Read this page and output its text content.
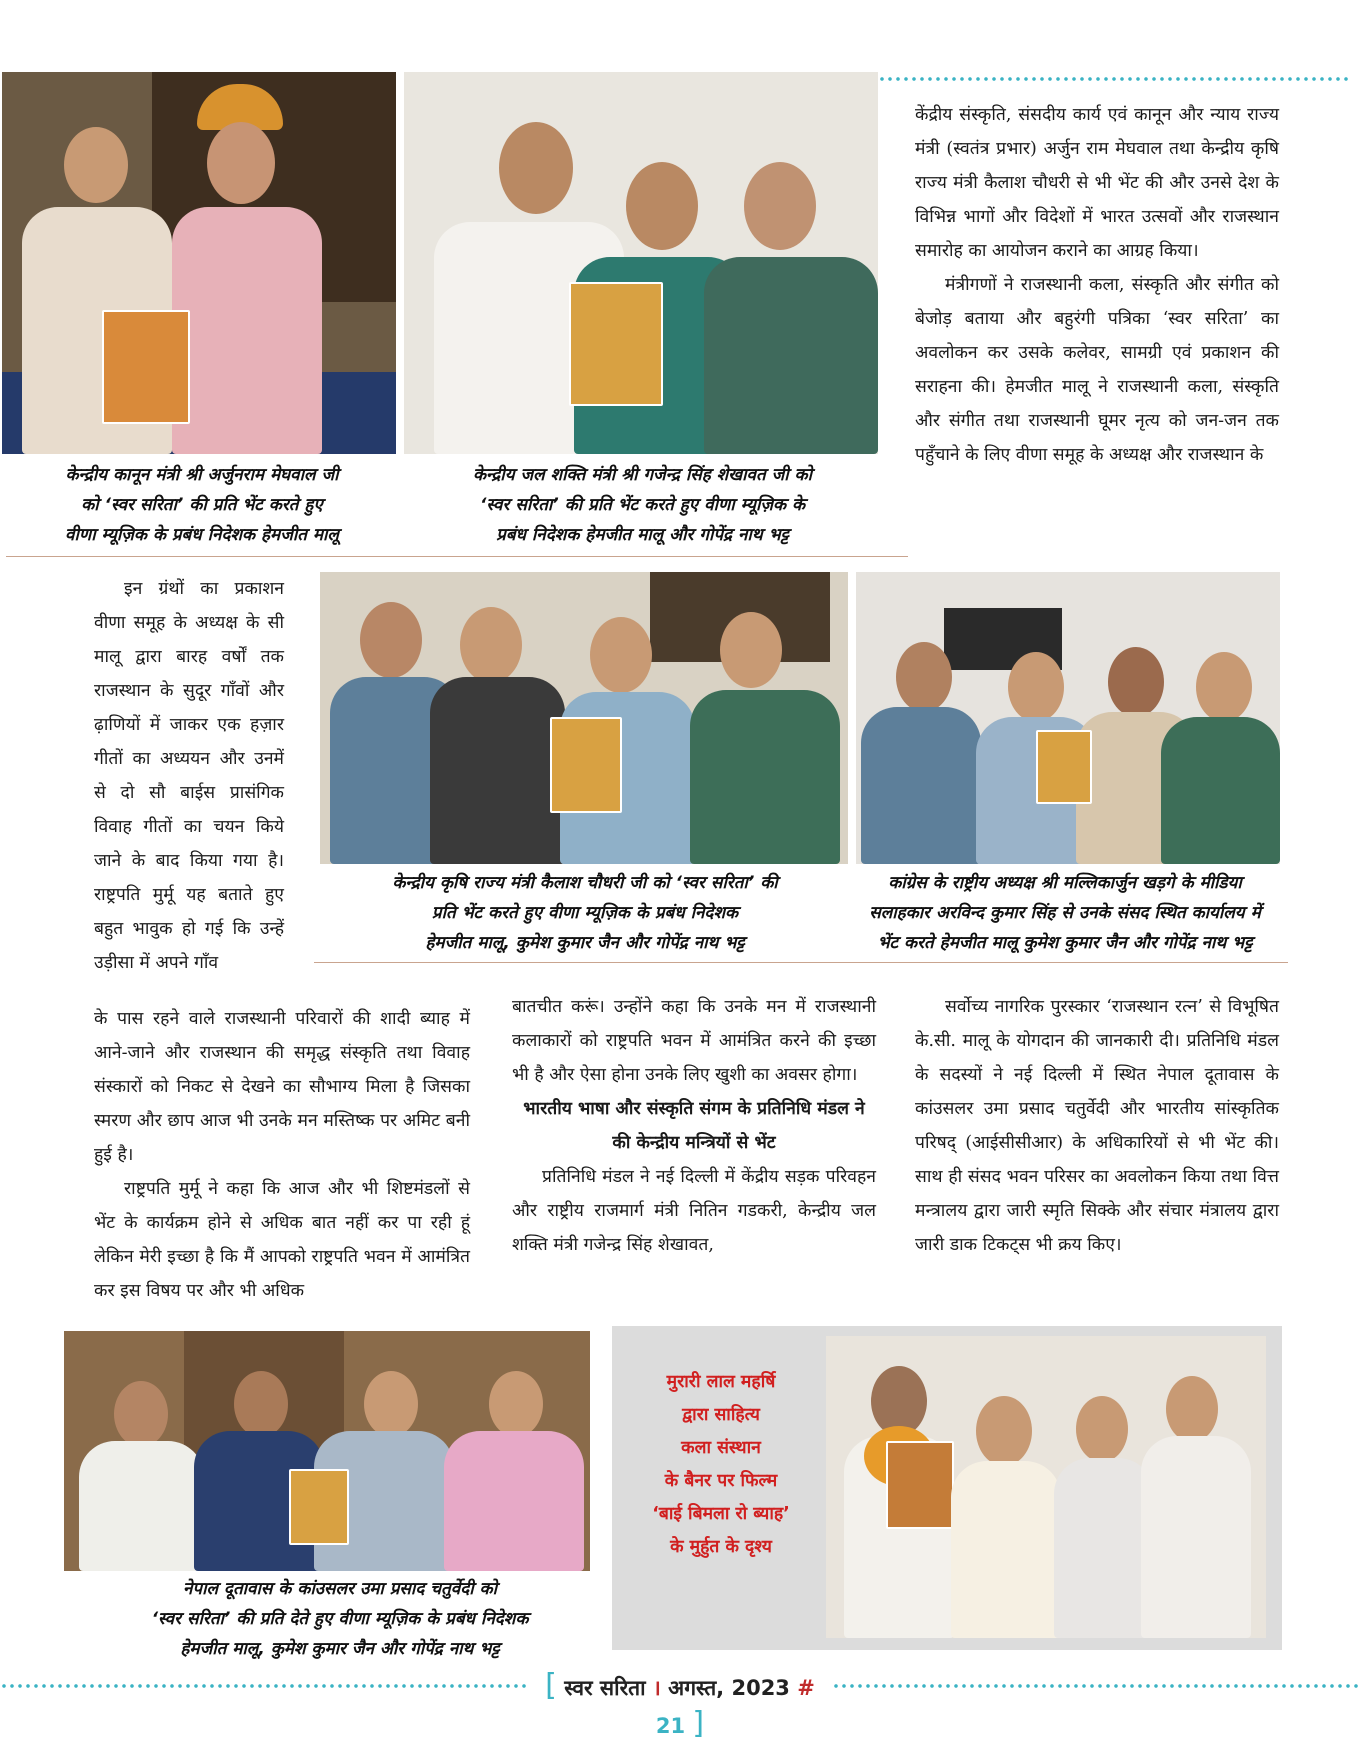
केन्द्रीय कानून मंत्री श्री अर्जुनराम मेघवाल जी
को ‘स्वर सरिता’ की प्रति भेंट करते हुए
वीणा म्यूज़िक के प्रबंध निदेशक हेमजीत मालू
केन्द्रीय जल शक्ति मंत्री श्री गजेन्द्र सिंह शेखावत जी को
‘स्वर सरिता’ की प्रति भेंट करते हुए वीणा म्यूज़िक के
प्रबंध निदेशक हेमजीत मालू और गोपेंद्र नाथ भट्ट

केंद्रीय संस्कृति, संसदीय कार्य एवं कानून और न्याय राज्य मंत्री (स्वतंत्र प्रभार) अर्जुन राम मेघवाल तथा केन्द्रीय कृषि राज्य मंत्री कैलाश चौधरी से भी भेंट की और उनसे देश के विभिन्न भागों और विदेशों में भारत उत्सवों और राजस्थान समारोह का आयोजन कराने का आग्रह किया।

मंत्रीगणों ने राजस्थानी कला, संस्कृति और संगीत को बेजोड़ बताया और बहुरंगी पत्रिका ‘स्वर सरिता’ का अवलोकन कर उसके कलेवर, सामग्री एवं प्रकाशन की सराहना की। हेमजीत मालू ने राजस्थानी कला, संस्कृति और संगीत तथा राजस्थानी घूमर नृत्य को जन-जन तक पहुँचाने के लिए वीणा समूह के अध्यक्ष और राजस्थान के

इन ग्रंथों का प्रकाशन वीणा समूह के अध्यक्ष के सी मालू द्वारा बारह वर्षों तक राजस्थान के सुदूर गाँवों और ढ़ाणियों में जाकर एक हज़ार गीतों का अध्ययन और उनमें से दो सौ बाईस प्रासंगिक विवाह गीतों का चयन किये जाने के बाद किया गया है। राष्ट्रपति मुर्मू यह बताते हुए बहुत भावुक हो गई कि उन्हें उड़ीसा में अपने गाँव

केन्द्रीय कृषि राज्य मंत्री कैलाश चौधरी जी को ‘स्वर सरिता’ की
प्रति भेंट करते हुए वीणा म्यूज़िक के प्रबंध निदेशक
हेमजीत मालू, कुमेश कुमार जैन और गोपेंद्र नाथ भट्ट
कांग्रेस के राष्ट्रीय अध्यक्ष श्री मल्लिकार्जुन खड़गे के मीडिया
सलाहकार अरविन्द कुमार सिंह से उनके संसद स्थित कार्यालय में
भेंट करते हेमजीत मालू कुमेश कुमार जैन और गोपेंद्र नाथ भट्ट

के पास रहने वाले राजस्थानी परिवारों की शादी ब्याह में आने-जाने और राजस्थान की समृद्ध संस्कृति तथा विवाह संस्कारों को निकट से देखने का सौभाग्य मिला है जिसका स्मरण और छाप आज भी उनके मन मस्तिष्क पर अमिट बनी हुई है।

राष्ट्रपति मुर्मू ने कहा कि आज और भी शिष्टमंडलों से भेंट के कार्यक्रम होने से अधिक बात नहीं कर पा रही हूं लेकिन मेरी इच्छा है कि मैं आपको राष्ट्रपति भवन में आमंत्रित कर इस विषय पर और भी अधिक

बातचीत करूं। उन्होंने कहा कि उनके मन में राजस्थानी कलाकारों को राष्ट्रपति भवन में आमंत्रित करने की इच्छा भी है और ऐसा होना उनके लिए खुशी का अवसर होगा।

भारतीय भाषा और संस्कृति संगम के प्रतिनिधि मंडल ने की केन्द्रीय मन्त्रियों से भेंट

प्रतिनिधि मंडल ने नई दिल्ली में केंद्रीय सड़क परिवहन और राष्ट्रीय राजमार्ग मंत्री नितिन गडकरी, केन्द्रीय जल शक्ति मंत्री गजेन्द्र सिंह शेखावत,

सर्वोच्य नागरिक पुरस्कार ‘राजस्थान रत्न’ से विभूषित के.सी. मालू के योगदान की जानकारी दी। प्रतिनिधि मंडल के सदस्यों ने नई दिल्ली में स्थित नेपाल दूतावास के कांउसलर उमा प्रसाद चतुर्वेदी और भारतीय सांस्कृतिक परिषद् (आईसीसीआर) के अधिकारियों से भी भेंट की। साथ ही संसद भवन परिसर का अवलोकन किया तथा वित्त मन्त्रालय द्वारा जारी स्मृति सिक्के और संचार मंत्रालय द्वारा जारी डाक टिकट्स भी क्रय किए।

नेपाल दूतावास के कांउसलर उमा प्रसाद चतुर्वेदी को
‘स्वर सरिता’ की प्रति देते हुए वीणा म्यूज़िक के प्रबंध निदेशक
हेमजीत मालू, कुमेश कुमार जैन और गोपेंद्र नाथ भट्ट
मुरारी लाल महर्षि
द्वारा साहित्य
कला संस्थान
के बैनर पर फिल्म
‘बाई बिमला रो ब्याह’
के मुर्हुत के दृश्य
[ स्वर सरिता । अगस्त, 2023 # 21 ]
